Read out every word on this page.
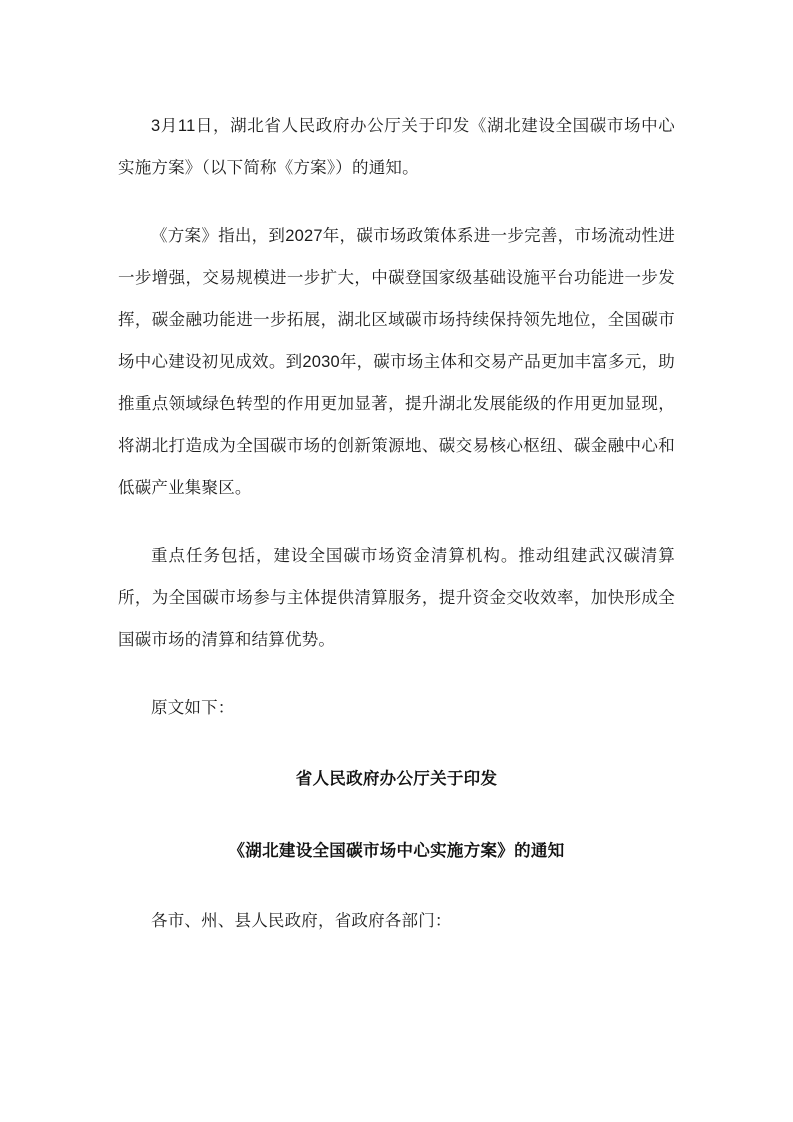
3月11日，湖北省人民政府办公厅关于印发《湖北建设全国碳市场中心实施方案》（以下简称《方案》）的通知。

《方案》指出，到2027年，碳市场政策体系进一步完善，市场流动性进一步增强，交易规模进一步扩大，中碳登国家级基础设施平台功能进一步发挥，碳金融功能进一步拓展，湖北区域碳市场持续保持领先地位，全国碳市场中心建设初见成效。到2030年，碳市场主体和交易产品更加丰富多元，助推重点领域绿色转型的作用更加显著，提升湖北发展能级的作用更加显现，将湖北打造成为全国碳市场的创新策源地、碳交易核心枢纽、碳金融中心和低碳产业集聚区。

重点任务包括，建设全国碳市场资金清算机构。推动组建武汉碳清算所，为全国碳市场参与主体提供清算服务，提升资金交收效率，加快形成全国碳市场的清算和结算优势。

原文如下：

省人民政府办公厅关于印发
《湖北建设全国碳市场中心实施方案》的通知

各市、州、县人民政府，省政府各部门：
